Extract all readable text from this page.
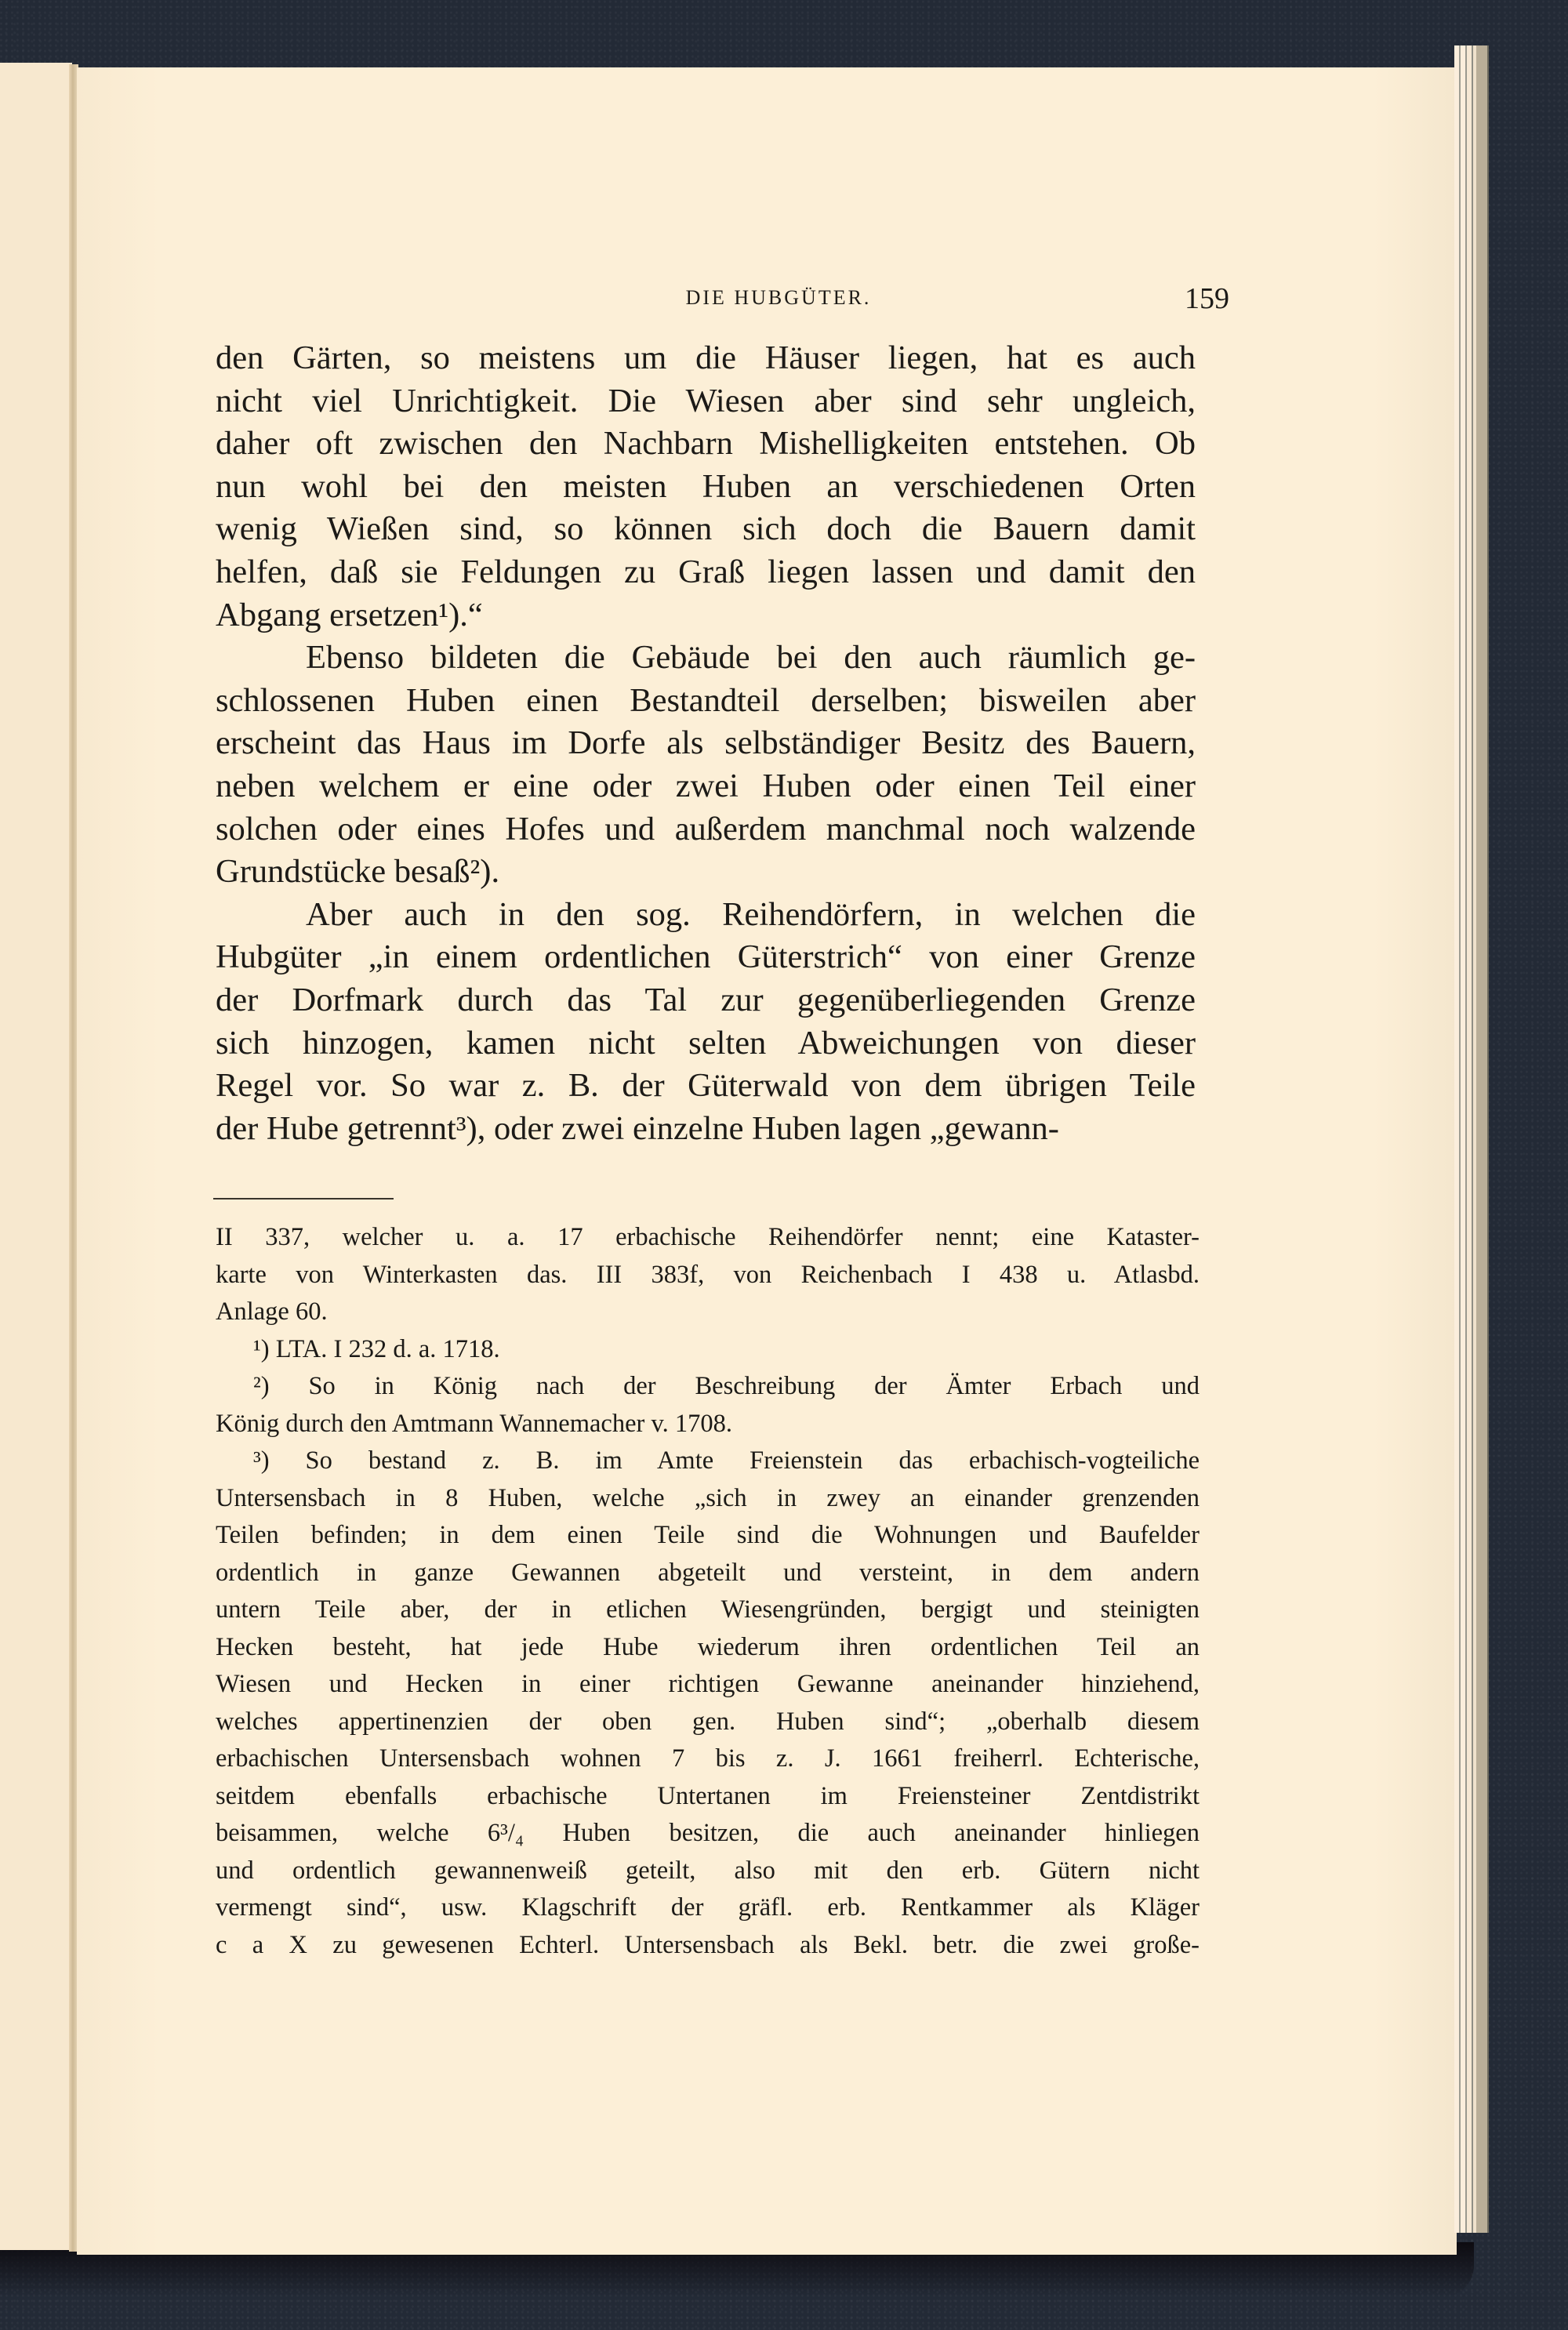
DIE HUBGÜTER.	159
den Gärten, so meistens um die Häuser liegen, hat es auch
nicht viel Unrichtigkeit. Die Wiesen aber sind sehr ungleich,
daher oft zwischen den Nachbarn Mishelligkeiten entstehen. Ob
nun wohl bei den meisten Huben an verschiedenen Orten
wenig Wießen sind, so können sich doch die Bauern damit
helfen, daß sie Feldungen zu Graß liegen lassen und damit den
Abgang ersetzen¹).“
Ebenso bildeten die Gebäude bei den auch räumlich ge-
schlossenen Huben einen Bestandteil derselben; bisweilen aber
erscheint das Haus im Dorfe als selbständiger Besitz des Bauern,
neben welchem er eine oder zwei Huben oder einen Teil einer
solchen oder eines Hofes und außerdem manchmal noch walzende
Grundstücke besaß²).
Aber auch in den sog. Reihendörfern, in welchen die
Hubgüter „in einem ordentlichen Güterstrich“ von einer Grenze
der Dorfmark durch das Tal zur gegenüberliegenden Grenze
sich hinzogen, kamen nicht selten Abweichungen von dieser
Regel vor. So war z. B. der Güterwald von dem übrigen Teile
der Hube getrennt³), oder zwei einzelne Huben lagen „gewann-
II 337, welcher u. a. 17 erbachische Reihendörfer nennt; eine Kataster-
karte von Winterkasten das. III 383f, von Reichenbach I 438 u. Atlasbd.
Anlage 60.
¹) LTA. I 232 d. a. 1718.
²) So in König nach der Beschreibung der Ämter Erbach und
König durch den Amtmann Wannemacher v. 1708.
³) So bestand z. B. im Amte Freienstein das erbachisch-vogteiliche
Untersensbach in 8 Huben, welche „sich in zwey an einander grenzenden
Teilen befinden; in dem einen Teile sind die Wohnungen und Baufelder
ordentlich in ganze Gewannen abgeteilt und versteint, in dem andern
untern Teile aber, der in etlichen Wiesengründen, bergigt und steinigten
Hecken besteht, hat jede Hube wiederum ihren ordentlichen Teil an
Wiesen und Hecken in einer richtigen Gewanne aneinander hinziehend,
welches appertinenzien der oben gen. Huben sind“; „oberhalb diesem
erbachischen Untersensbach wohnen 7 bis z. J. 1661 freiherrl. Echterische,
seitdem ebenfalls erbachische Untertanen im Freiensteiner Zentdistrikt
beisammen, welche 6³/₄ Huben besitzen, die auch aneinander hinliegen
und ordentlich gewannenweiß geteilt, also mit den erb. Gütern nicht
vermengt sind“, usw. Klagschrift der gräfl. erb. Rentkammer als Kläger
c a X zu gewesenen Echterl. Untersensbach als Bekl. betr. die zwei große-
